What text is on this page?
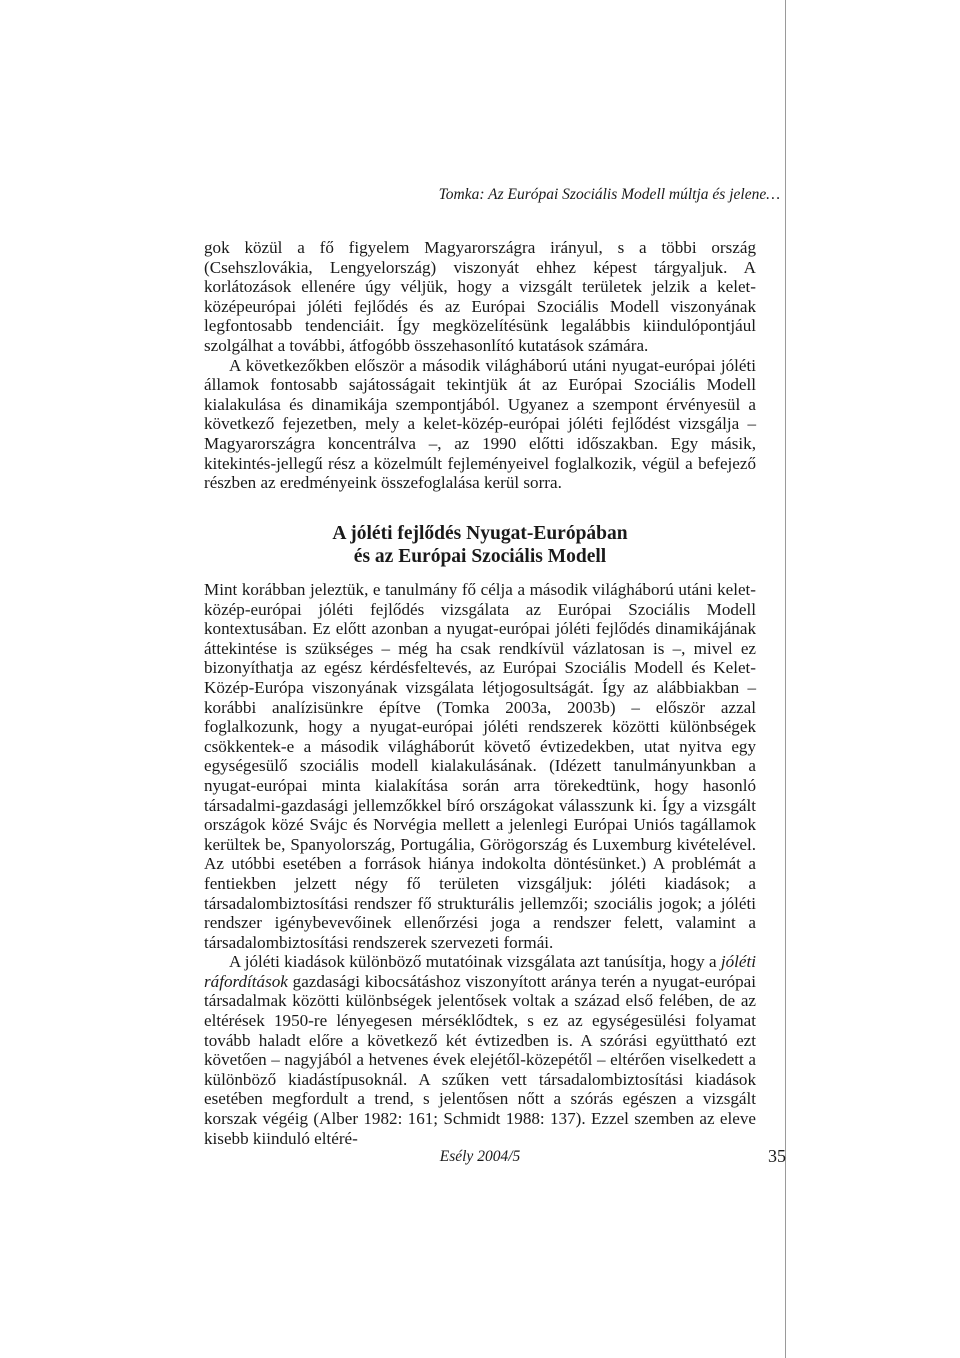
Tomka: Az Európai Szociális Modell múltja és jelene…

gok közül a fő figyelem Magyarországra irányul, s a többi ország (Csehszlovákia, Lengyelország) viszonyát ehhez képest tárgyaljuk. A korlátozások ellenére úgy véljük, hogy a vizsgált területek jelzik a kelet-középeurópai jóléti fejlődés és az Európai Szociális Modell viszonyának legfontosabb tendenciáit. Így megközelítésünk legalábbis kiindulópontjául szolgálhat a további, átfogóbb összehasonlító kutatások számára.

A következőkben először a második világháború utáni nyugat-európai jóléti államok fontosabb sajátosságait tekintjük át az Európai Szociális Modell kialakulása és dinamikája szempontjából. Ugyanez a szempont érvényesül a következő fejezetben, mely a kelet-közép-európai jóléti fejlődést vizsgálja – Magyarországra koncentrálva –, az 1990 előtti időszakban. Egy másik, kitekintés-jellegű rész a közelmúlt fejleményeivel foglalkozik, végül a befejező részben az eredményeink összefoglalása kerül sorra.

A jóléti fejlődés Nyugat-Európában
és az Európai Szociális Modell

Mint korábban jeleztük, e tanulmány fő célja a második világháború utáni kelet-közép-európai jóléti fejlődés vizsgálata az Európai Szociális Modell kontextusában. Ez előtt azonban a nyugat-európai jóléti fejlődés dinamikájának áttekintése is szükséges – még ha csak rendkívül vázlatosan is –, mivel ez bizonyíthatja az egész kérdésfeltevés, az Európai Szociális Modell és Kelet-Közép-Európa viszonyának vizsgálata létjogosultságát. Így az alábbiakban – korábbi analízisünkre építve (Tomka 2003a, 2003b) – először azzal foglalkozunk, hogy a nyugat-európai jóléti rendszerek közötti különbségek csökkentek-e a második világháborút követő évtizedekben, utat nyitva egy egységesülő szociális modell kialakulásának. (Idézett tanulmányunkban a nyugat-európai minta kialakítása során arra törekedtünk, hogy hasonló társadalmi-gazdasági jellemzőkkel bíró országokat válasszunk ki. Így a vizsgált országok közé Svájc és Norvégia mellett a jelenlegi Európai Uniós tagállamok kerültek be, Spanyolország, Portugália, Görögország és Luxemburg kivételével. Az utóbbi esetében a források hiánya indokolta döntésünket.) A problémát a fentiekben jelzett négy fő területen vizsgáljuk: jóléti kiadások; a társadalombiztosítási rendszer fő strukturális jellemzői; szociális jogok; a jóléti rendszer igénybevevőinek ellenőrzési joga a rendszer felett, valamint a társadalombiztosítási rendszerek szervezeti formái.

A jóléti kiadások különböző mutatóinak vizsgálata azt tanúsítja, hogy a jóléti ráfordítások gazdasági kibocsátáshoz viszonyított aránya terén a nyugat-európai társadalmak közötti különbségek jelentősek voltak a század első felében, de az eltérések 1950-re lényegesen mérséklődtek, s ez az egységesülési folyamat tovább haladt előre a következő két évtizedben is. A szórási együttható ezt követően – nagyjából a hetvenes évek elejétől-közepétől – eltérően viselkedett a különböző kiadástípusoknál. A szűken vett társadalombiztosítási kiadások esetében megfordult a trend, s jelentősen nőtt a szórás egészen a vizsgált korszak végéig (Alber 1982: 161; Schmidt 1988: 137). Ezzel szemben az eleve kisebb kiinduló eltéré-

Esély 2004/5	35
